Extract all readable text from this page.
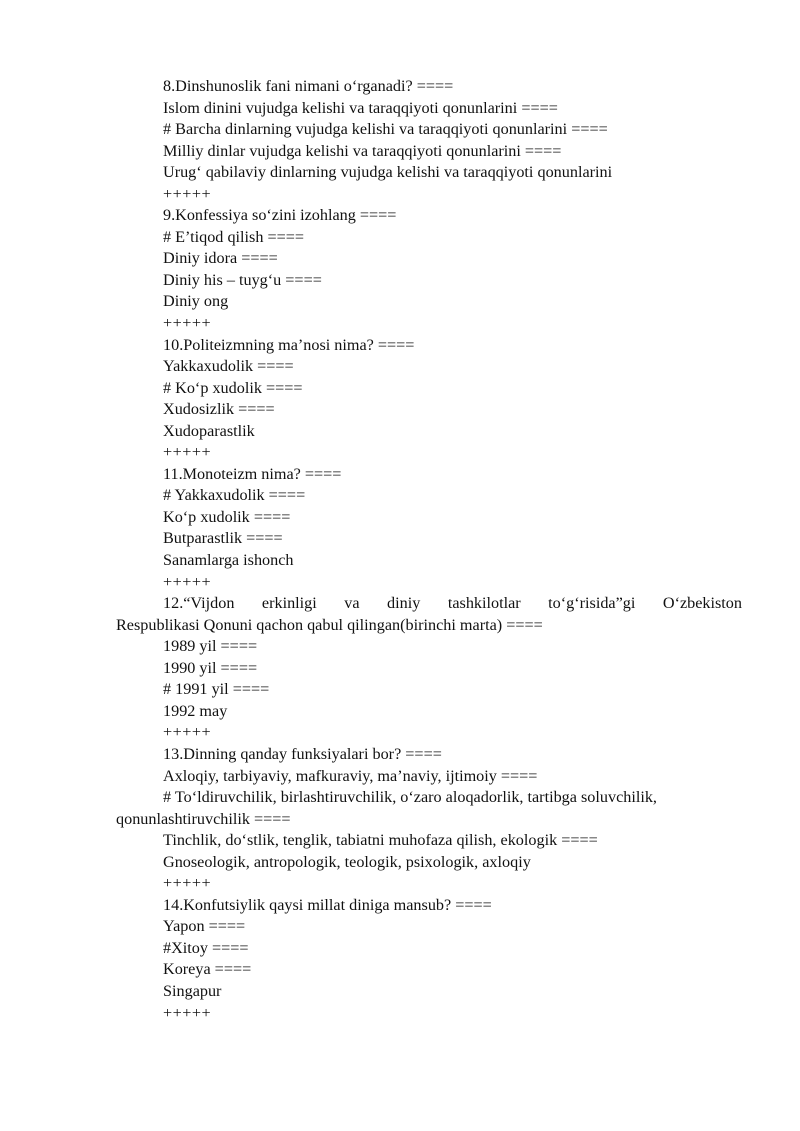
8.Dinshunoslik fani nimani o‘rganadi? ====
Islom dinini vujudga kelishi va taraqqiyoti qonunlarini ====
# Barcha dinlarning vujudga kelishi va taraqqiyoti qonunlarini ====
Milliy dinlar vujudga kelishi va taraqqiyoti qonunlarini ====
Urug‘ qabilaviy dinlarning vujudga kelishi va taraqqiyoti qonunlarini
+++++
9.Konfessiya so‘zini izohlang ====
# E’tiqod qilish ====
Diniy idora ====
Diniy his – tuyg‘u ====
Diniy ong
+++++
10.Politeizmning ma’nosi nima? ====
Yakkaxudolik ====
# Ko‘p xudolik ====
Xudosizlik ====
Xudoparastlik
+++++
11.Monoteizm nima? ====
# Yakkaxudolik ====
Ko‘p xudolik ====
Butparastlik ====
Sanamlarga ishonch
+++++
12.“Vijdon erkinligi va diniy tashkilotlar to‘g‘risida”gi O‘zbekiston
Respublikasi Qonuni qachon qabul qilingan(birinchi marta) ====
1989 yil ====
1990 yil ====
# 1991 yil ====
1992 may
+++++
13.Dinning qanday funksiyalari bor? ====
Axloqiy, tarbiyaviy, mafkuraviy, ma’naviy, ijtimoiy ====
# To‘ldiruvchilik, birlashtiruvchilik, o‘zaro aloqadorlik, tartibga soluvchilik,
qonunlashtiruvchilik ====
Tinchlik, do‘stlik, tenglik, tabiatni muhofaza qilish, ekologik ====
Gnoseologik, antropologik, teologik, psixologik, axloqiy
+++++
14.Konfutsiylik qaysi millat diniga mansub? ====
Yapon ====
#Xitoy ====
Koreya ====
Singapur
+++++
